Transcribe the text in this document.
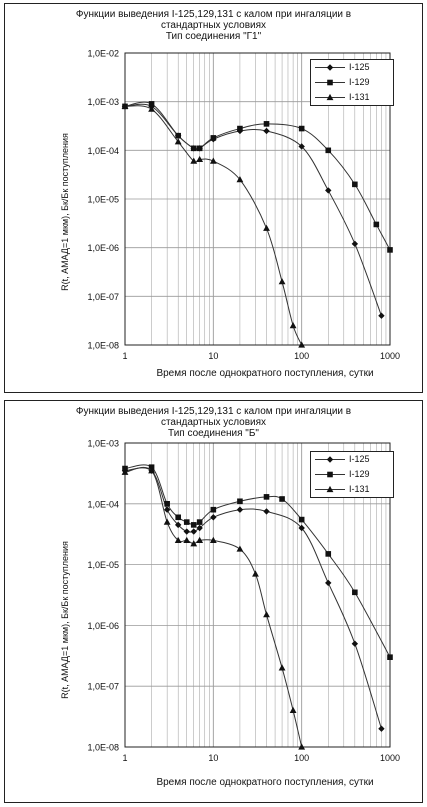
Функции выведения I-125,129,131 с калом при ингаляции в
стандартных условиях
Тип соединения "Г1"
1,0E-08
1,0E-07
1,0E-06
1,0E-05
1,0E-04
1,0E-03
1,0E-02
1	10	100	1000
R(t, АМАД=1 мкм), Бк/Бк поступления
Время после однократного поступления, сутки
I-125
I-129
I-131
Функции выведения I-125,129,131 с калом при ингаляции в
стандартных условиях
Тип соединения "Б"
1,0E-08
1,0E-07
1,0E-06
1,0E-05
1,0E-04
1,0E-03
1	10	100	1000
R(t, АМАД=1 мкм), Бк/Бк поступления
Время после однократного поступления, сутки
I-125
I-129
I-131
